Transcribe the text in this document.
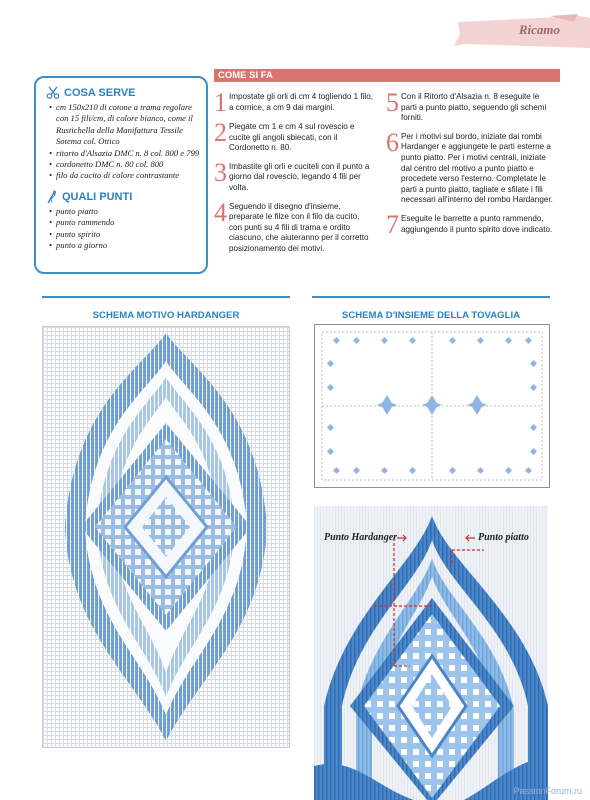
Ricamo
COSA SERVE
• cm 150x210 di cotone a trama regolare con 15 fili/cm, di colore bianco, come il Rustichella della Manifattura Tessile Sotema col. Ottico
• ritorto d'Alsazia DMC n. 8 col. 800 e 799
• cordonetto DMC n. 80 col. 800
• filo da cucito di colore contrastante
QUALI PUNTI
• punto piatto
• punto rammendo
• punto spirito
• punto a giorno
COME SI FA
1 Impostate gli orli di cm 4 togliendo 1 filo, a cornice, a cm 9 dai margini.
2 Piegate cm 1 e cm 4 sul rovescio e cucite gli angoli sbiecati, con il Cordonetto n. 80.
3 Imbastite gli orli e cuciteli con il punto a giorno dal rovescio, legando 4 fili per volta.
4 Seguendo il disegno d'insieme, preparate le filze con il filo da cucito, con punti su 4 fili di trama e ordito ciascuno, che aiuteranno per il corretto posizionamento dei motivi.
5 Con il Ritorto d'Alsazia n. 8 eseguite le parti a punto piatto, seguendo gli schemi forniti.
6 Per i motivi sul bordo, iniziate dai rombi Hardanger e aggiungete le parti esterne a punto piatto. Per i motivi centrali, iniziate dal centro del motivo a punto piatto e procedete verso l'esterno. Completate le parti a punto piatto, tagliate e sfilate i fili necessari all'interno del rombo Hardanger.
7 Eseguite le barrette a punto rammendo, aggiungendo il punto spirito dove indicato.
SCHEMA MOTIVO HARDANGER	SCHEMA D'INSIEME DELLA TOVAGLIA
Punto Hardanger	Punto piatto
PassionForum.ru
